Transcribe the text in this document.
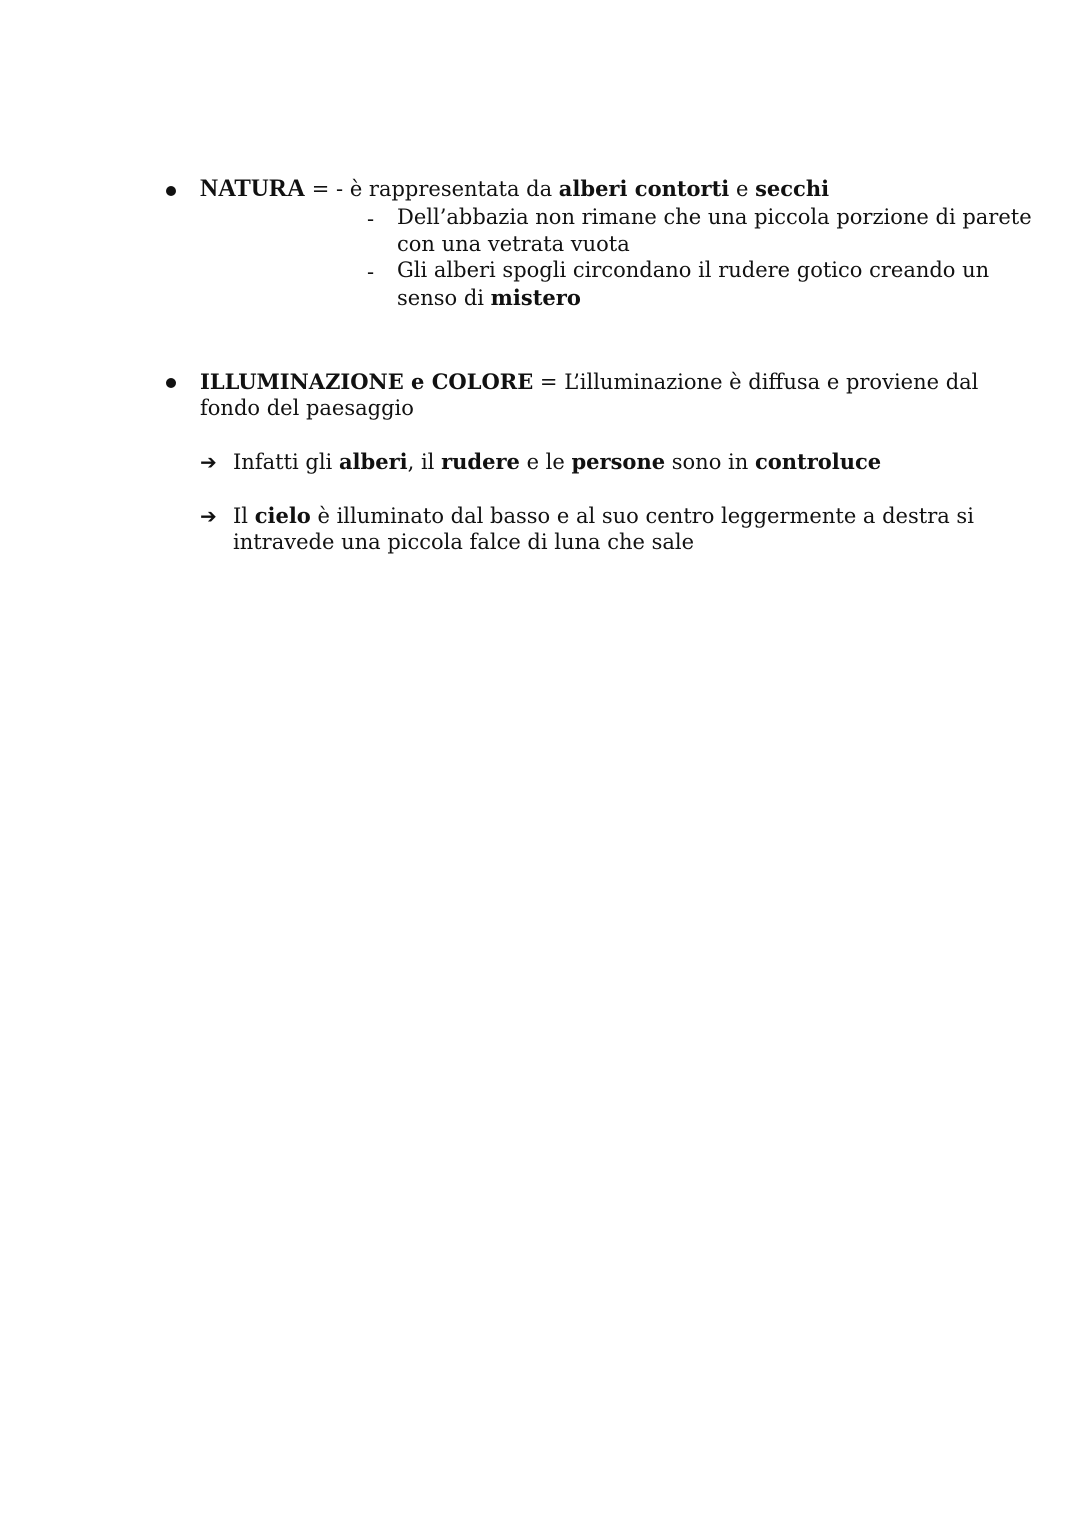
NATURA = - è rappresentata da alberi contorti e secchi
- Dell’abbazia non rimane che una piccola porzione di parete
con una vetrata vuota
- Gli alberi spogli circondano il rudere gotico creando un
senso di mistero
ILLUMINAZIONE e COLORE = L’illuminazione è diffusa e proviene dal
fondo del paesaggio
➔ Infatti gli alberi, il rudere e le persone sono in controluce
➔ Il cielo è illuminato dal basso e al suo centro leggermente a destra si
intravede una piccola falce di luna che sale
